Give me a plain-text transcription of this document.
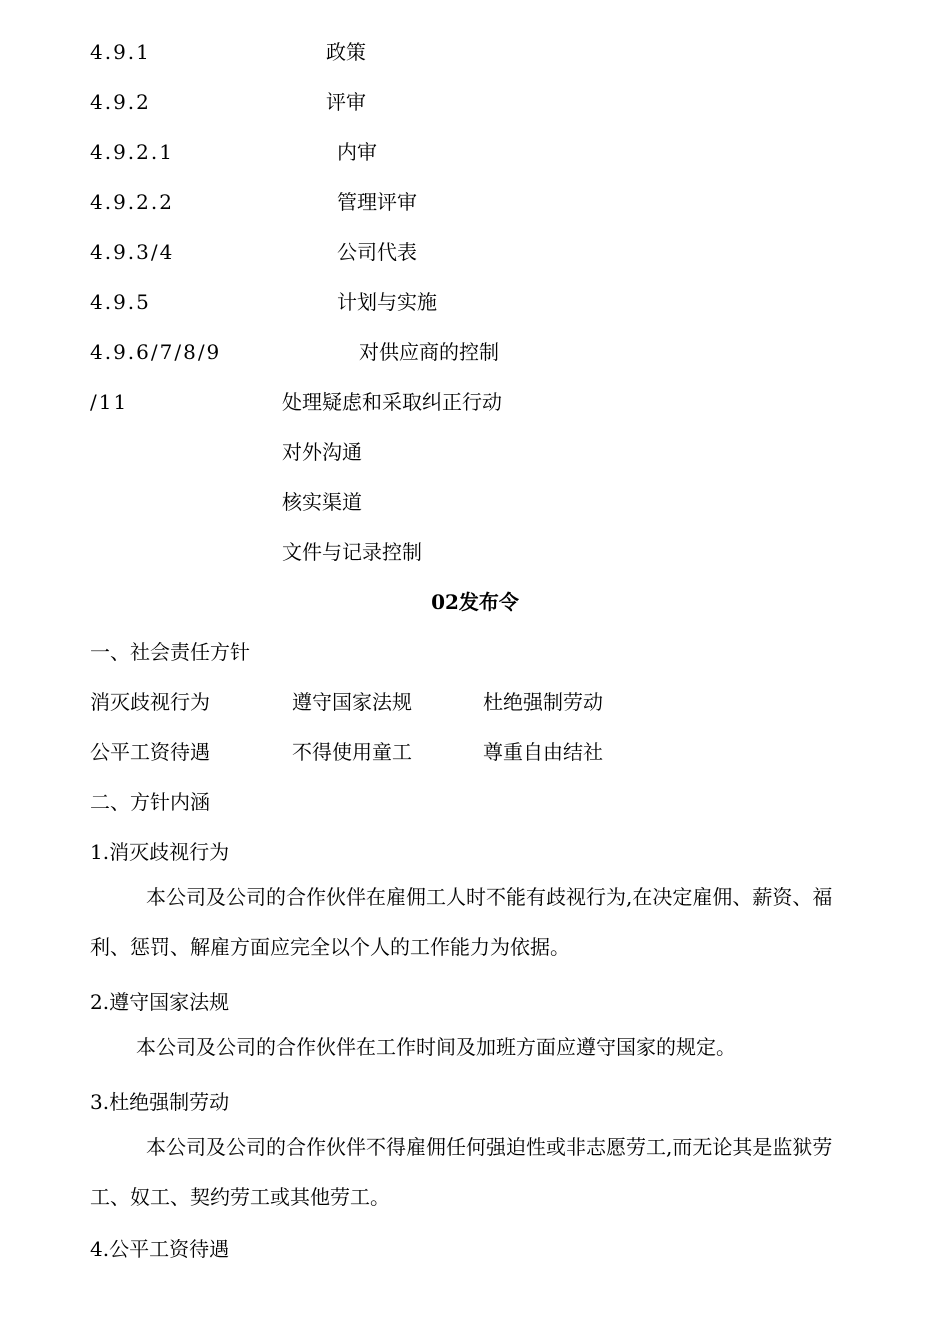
4.9.1	政策
4.9.2	评审
4.9.2.1	内审
4.9.2.2	管理评审
4.9.3/4	公司代表
4.9.5	计划与实施
4.9.6/7/8/9	对供应商的控制
/11	处理疑虑和采取纠正行动
对外沟通
核实渠道
文件与记录控制
02发布令
一、社会责任方针
消灭歧视行为	遵守国家法规	杜绝强制劳动
公平工资待遇	不得使用童工	尊重自由结社
二、方针内涵
1.消灭歧视行为
本公司及公司的合作伙伴在雇佣工人时不能有歧视行为,在决定雇佣、薪资、福利、惩罚、解雇方面应完全以个人的工作能力为依据。
2.遵守国家法规
本公司及公司的合作伙伴在工作时间及加班方面应遵守国家的规定。
3.杜绝强制劳动
本公司及公司的合作伙伴不得雇佣任何强迫性或非志愿劳工,而无论其是监狱劳工、奴工、契约劳工或其他劳工。
4.公平工资待遇
